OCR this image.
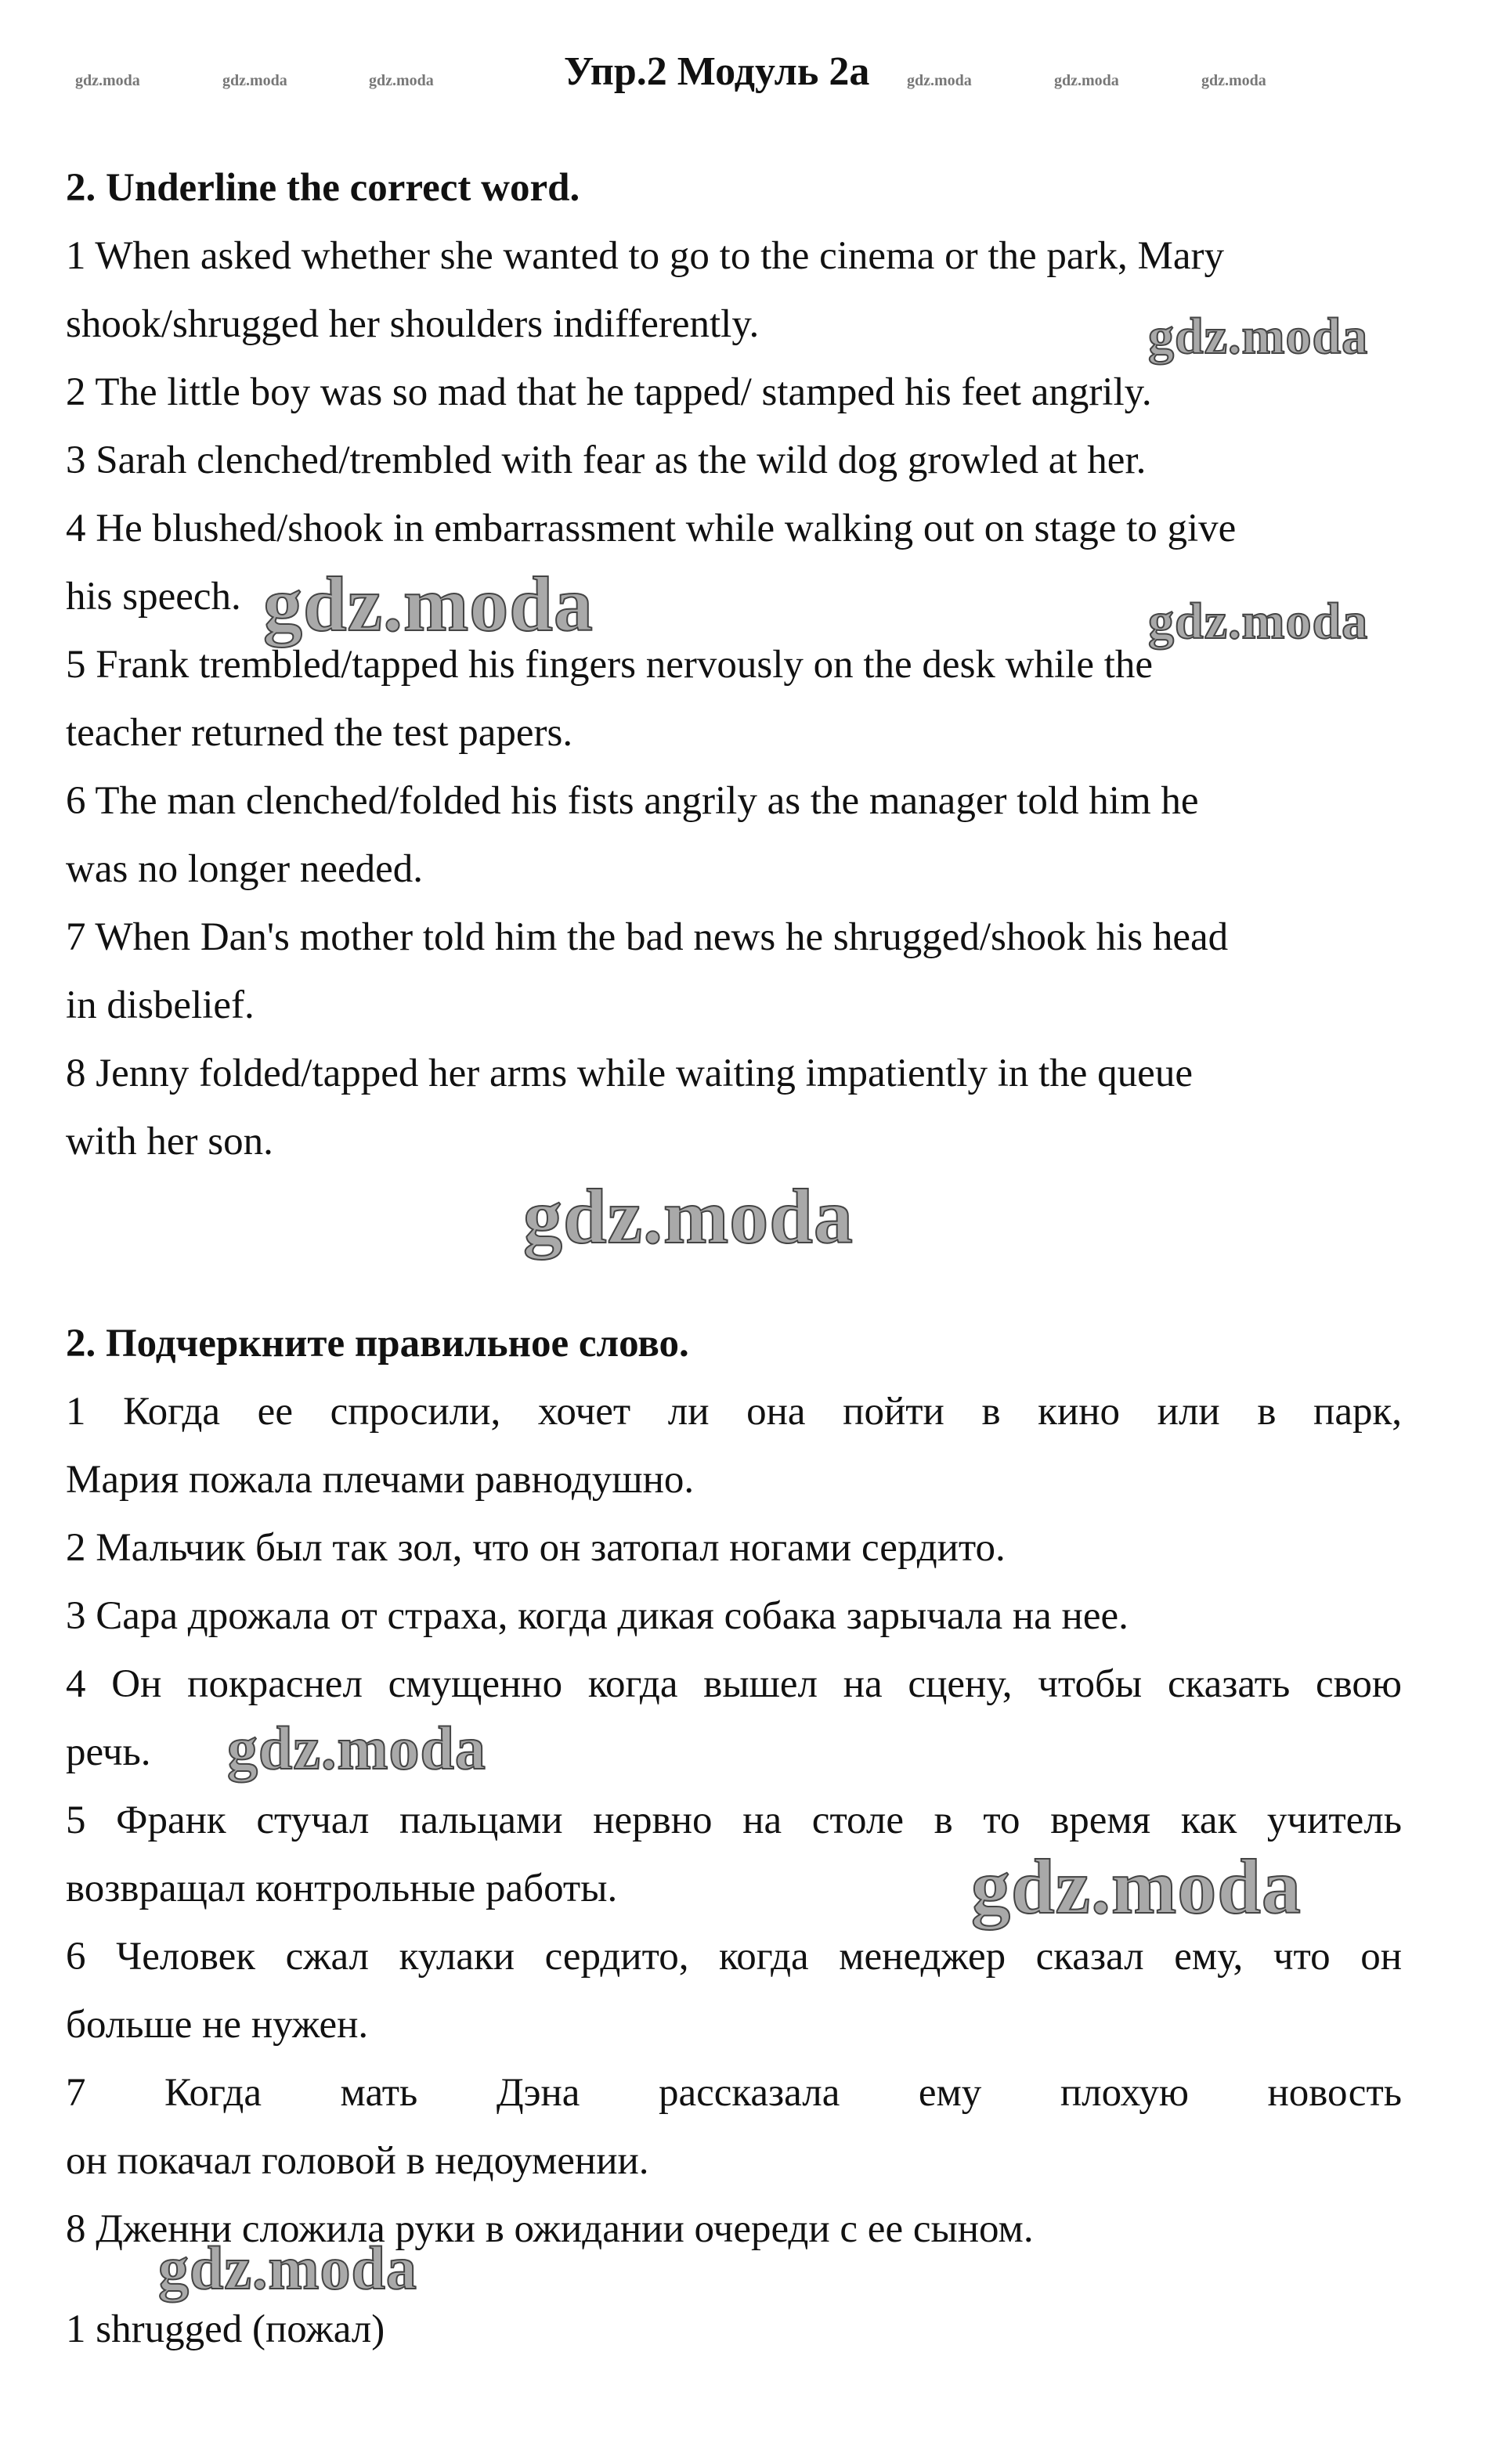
gdz.moda	gdz.moda	gdz.moda	Упр.2 Модуль 2а gdz.moda	gdz.moda	gdz.moda
2. Underline the correct word.
1 When asked whether she wanted to go to the cinema or the park, Mary
shook/shrugged her shoulders indifferently.
2 The little boy was so mad that he tapped/ stamped his feet angrily.
3 Sarah clenched/trembled with fear as the wild dog growled at her.
4 He blushed/shook in embarrassment while walking out on stage to give
his speech.
5 Frank trembled/tapped his fingers nervously on the desk while the
teacher returned the test papers.
6 The man clenched/folded his fists angrily as the manager told him he
was no longer needed.
7 When Dan's mother told him the bad news he shrugged/shook his head
in disbelief.
8 Jenny folded/tapped her arms while waiting impatiently in the queue
with her son.
2. Подчеркните правильное слово.
1 Когда ее спросили, хочет ли она пойти в кино или в парк,
Мария пожала плечами равнодушно.
2 Мальчик был так зол, что он затопал ногами сердито.
3 Сара дрожала от страха, когда дикая собака зарычала на нее.
4 Он покраснел смущенно когда вышел на сцену, чтобы сказать свою
речь.
5 Франк стучал пальцами нервно на столе в то время как учитель
возвращал контрольные работы.
6 Человек сжал кулаки сердито, когда менеджер сказал ему, что он
больше не нужен.
7 Когда мать Дэна рассказала ему плохую новость
он покачал головой в недоумении.
8 Дженни сложила руки в ожидании очереди с ее сыном.
1 shrugged (пожал)
gdz.moda
gdz.moda	gdz.moda
gdz.moda
gdz.moda
gdz.moda
gdz.moda
